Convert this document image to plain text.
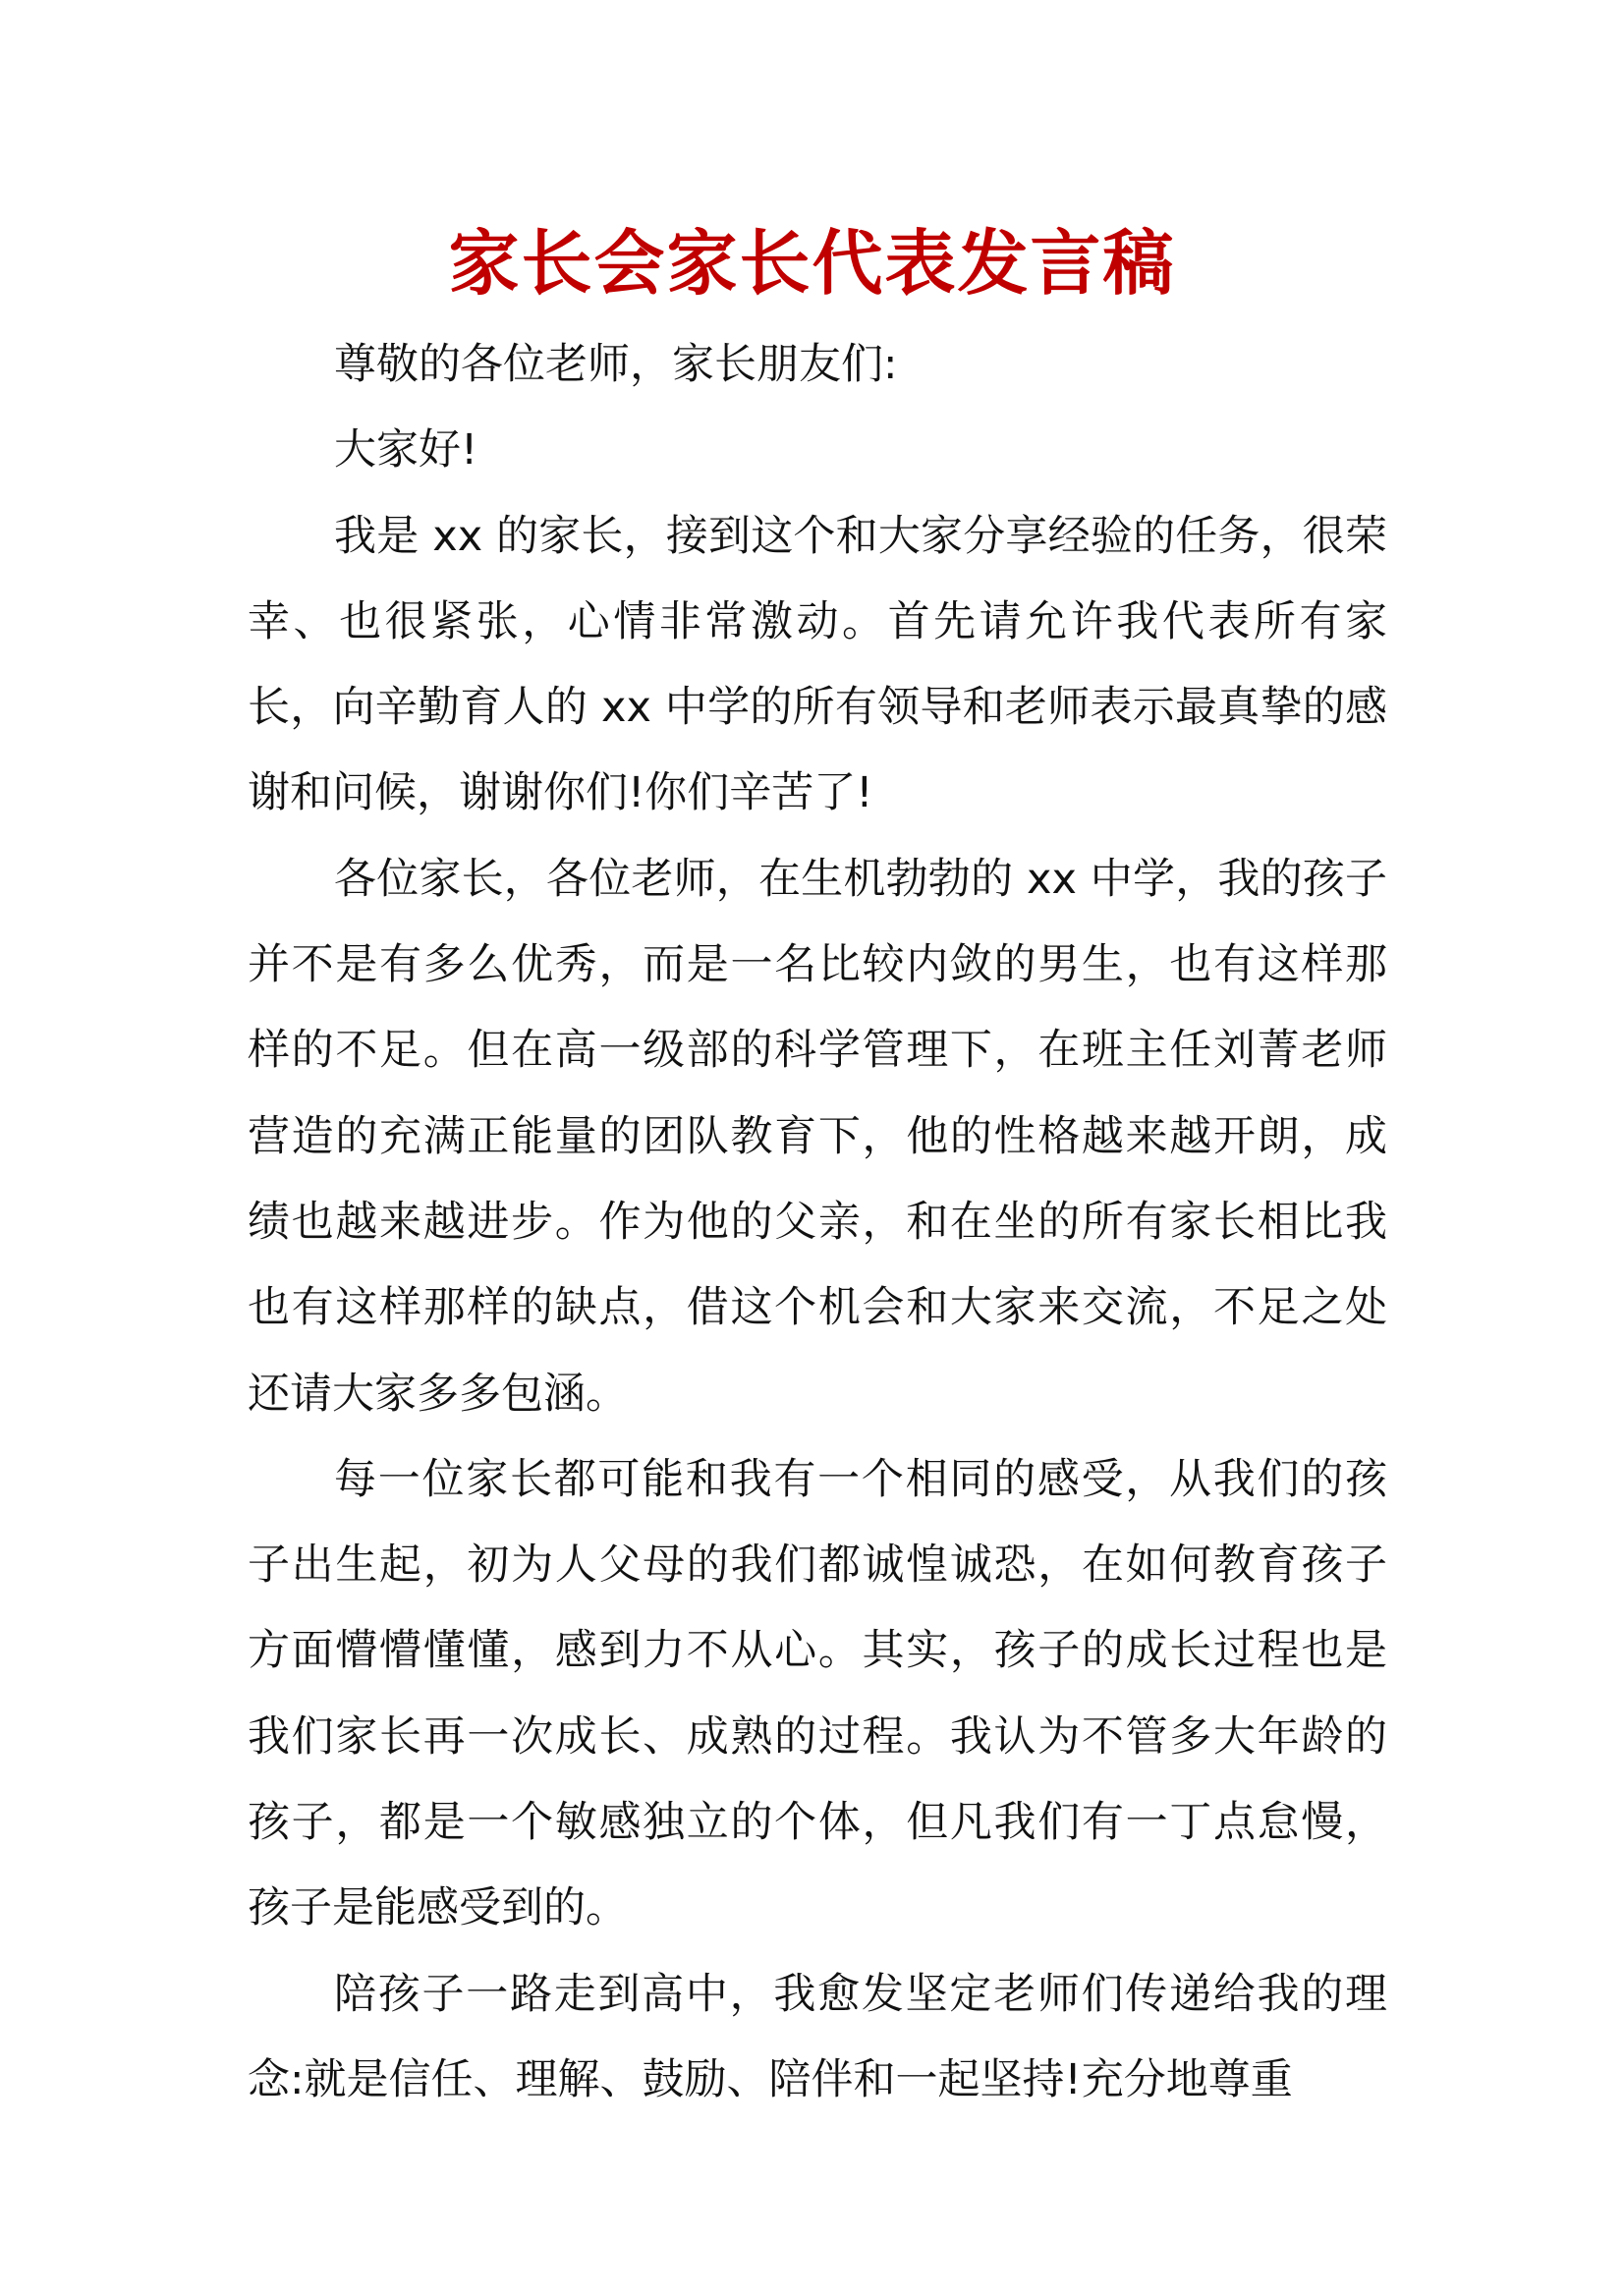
家长会家长代表发言稿

尊敬的各位老师，家长朋友们:

大家好!

我是 xx 的家长，接到这个和大家分享经验的任务，很荣幸、也很紧张，心情非常激动。首先请允许我代表所有家长，向辛勤育人的 xx 中学的所有领导和老师表示最真挚的感谢和问候，谢谢你们!你们辛苦了!

各位家长，各位老师，在生机勃勃的 xx 中学，我的孩子并不是有多么优秀，而是一名比较内敛的男生，也有这样那样的不足。但在高一级部的科学管理下，在班主任刘菁老师营造的充满正能量的团队教育下，他的性格越来越开朗，成绩也越来越进步。作为他的父亲，和在坐的所有家长相比我也有这样那样的缺点，借这个机会和大家来交流，不足之处还请大家多多包涵。

每一位家长都可能和我有一个相同的感受，从我们的孩子出生起，初为人父母的我们都诚惶诚恐，在如何教育孩子方面懵懵懂懂，感到力不从心。其实，孩子的成长过程也是我们家长再一次成长、成熟的过程。我认为不管多大年龄的孩子，都是一个敏感独立的个体，但凡我们有一丁点怠慢，孩子是能感受到的。

陪孩子一路走到高中，我愈发坚定老师们传递给我的理念:就是信任、理解、鼓励、陪伴和一起坚持!充分地尊重
